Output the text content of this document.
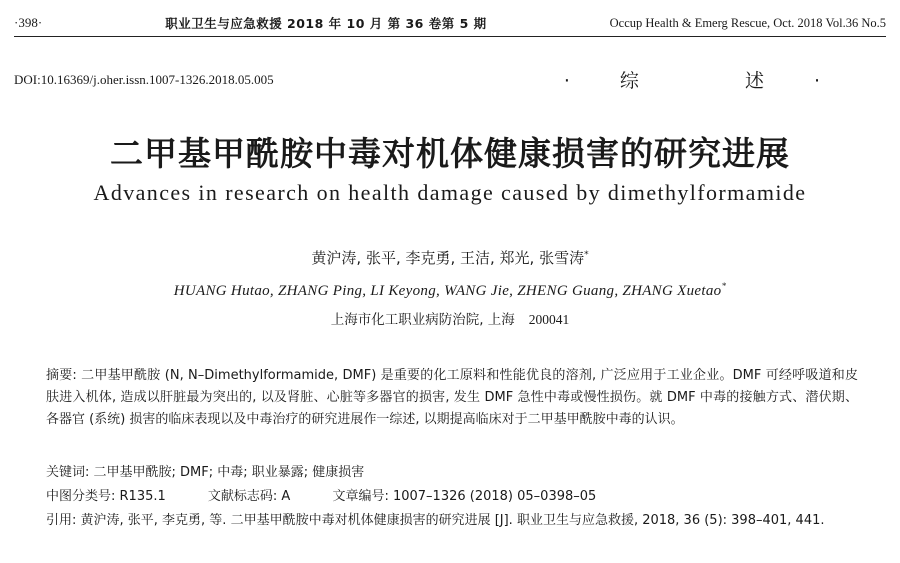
·398·	职业卫生与应急救援 2018 年 10 月 第 36 卷第 5 期	Occup Health & Emerg Rescue, Oct. 2018 Vol.36 No.5
DOI:10.16369/j.oher.issn.1007-1326.2018.05.005	·综 述·
二甲基甲酰胺中毒对机体健康损害的研究进展
Advances in research on health damage caused by dimethylformamide
黄沪涛, 张平, 李克勇, 王洁, 郑光, 张雪涛*
HUANG Hutao, ZHANG Ping, LI Keyong, WANG Jie, ZHENG Guang, ZHANG Xuetao*
上海市化工职业病防治院, 上海 200041
摘要: 二甲基甲酰胺 (N, N–Dimethylformamide, DMF) 是重要的化工原料和性能优良的溶剂, 广泛应用于工业企业。DMF 可经呼吸道和皮肤进入机体, 造成以肝脏最为突出的, 以及肾脏、心脏等多器官的损害, 发生 DMF 急性中毒或慢性损伤。就 DMF 中毒的接触方式、潜伏期、各器官 (系统) 损害的临床表现以及中毒治疗的研究进展作一综述, 以期提高临床对于二甲基甲酰胺中毒的认识。
关键词: 二甲基甲酰胺; DMF; 中毒; 职业暴露; 健康损害
中图分类号: R135.1	文献标志码: A	文章编号: 1007–1326 (2018) 05–0398–05
引用: 黄沪涛, 张平, 李克勇, 等. 二甲基甲酰胺中毒对机体健康损害的研究进展 [J]. 职业卫生与应急救援, 2018, 36 (5): 398–401, 441.
